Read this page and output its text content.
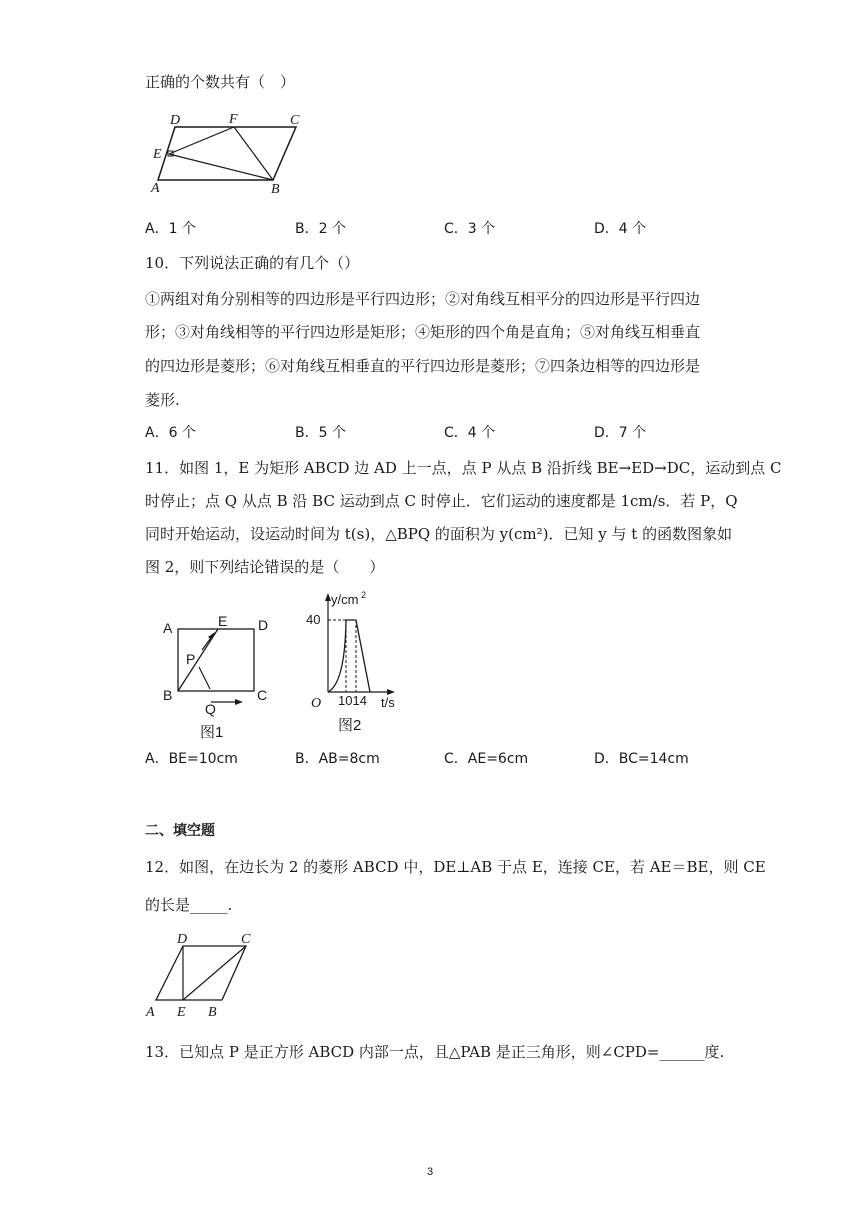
正确的个数共有（　）
D	F	C
E
A	B
A．1 个	B．2 个	C．3 个	D．4 个
10．下列说法正确的有几个（）
①两组对角分别相等的四边形是平行四边形；②对角线互相平分的四边形是平行四边
形；③对角线相等的平行四边形是矩形；④矩形的四个角是直角；⑤对角线互相垂直
的四边形是菱形；⑥对角线互相垂直的平行四边形是菱形；⑦四条边相等的四边形是
菱形.
A．6 个	B．5 个	C．4 个	D．7 个
11．如图 1，E 为矩形 ABCD 边 AD 上一点，点 P 从点 B 沿折线 BE→ED→DC，运动到点 C
时停止；点 Q 从点 B 沿 BC 运动到点 C 时停止．它们运动的速度都是 1cm/s．若 P，Q
同时开始运动，设运动时间为 t(s)，△BPQ 的面积为 y(cm²)．已知 y 与 t 的函数图象如
图 2，则下列结论错误的是（　　）
A	E D
P
B
Q
C
图1
y/cm 2
40
O 1014 t/s
图2
A．BE=10cm	B．AB=8cm	C．AE=6cm	D．BC=14cm
二、填空题
12．如图，在边长为 2 的菱形 ABCD 中，DE⊥AB 于点 E，连接 CE，若 AE＝BE，则 CE
的长是_____.
D	C
A E B
13．已知点 P 是正方形 ABCD 内部一点，且△PAB 是正三角形，则∠CPD=______度.
3
